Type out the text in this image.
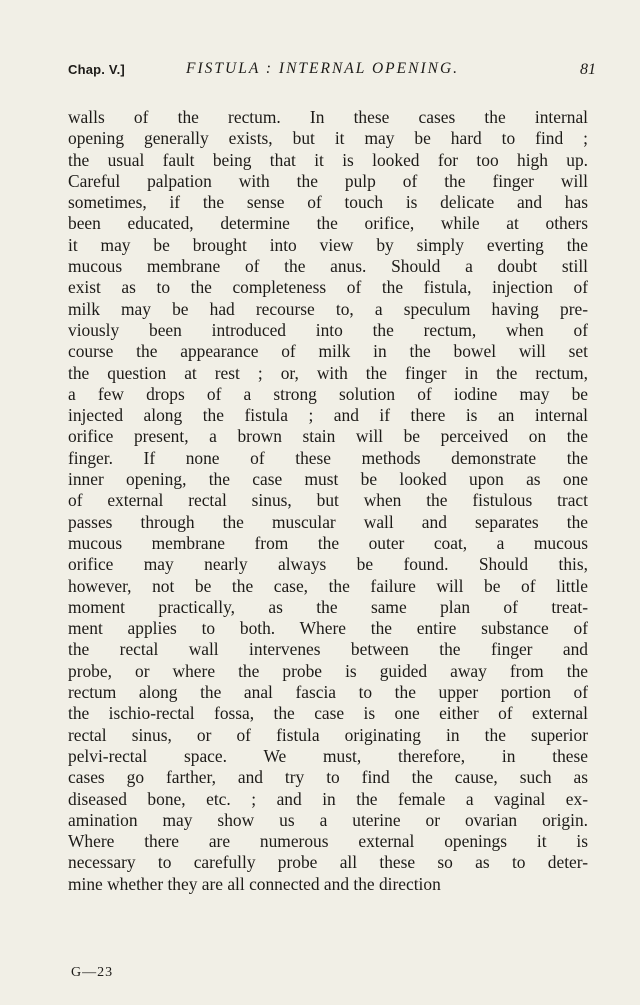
Chap. V.]	FISTULA : INTERNAL OPENING.	81
walls of the rectum. In these cases the internal
opening generally exists, but it may be hard to find ;
the usual fault being that it is looked for too high up.
Careful palpation with the pulp of the finger will
sometimes, if the sense of touch is delicate and has
been educated, determine the orifice, while at others
it may be brought into view by simply everting the
mucous membrane of the anus. Should a doubt still
exist as to the completeness of the fistula, injection of
milk may be had recourse to, a speculum having pre-
viously been introduced into the rectum, when of
course the appearance of milk in the bowel will set
the question at rest ; or, with the finger in the rectum,
a few drops of a strong solution of iodine may be
injected along the fistula ; and if there is an internal
orifice present, a brown stain will be perceived on the
finger. If none of these methods demonstrate the
inner opening, the case must be looked upon as one
of external rectal sinus, but when the fistulous tract
passes through the muscular wall and separates the
mucous membrane from the outer coat, a mucous
orifice may nearly always be found. Should this,
however, not be the case, the failure will be of little
moment practically, as the same plan of treat-
ment applies to both. Where the entire substance of
the rectal wall intervenes between the finger and
probe, or where the probe is guided away from the
rectum along the anal fascia to the upper portion of
the ischio-rectal fossa, the case is one either of external
rectal sinus, or of fistula originating in the superior
pelvi-rectal space. We must, therefore, in these
cases go farther, and try to find the cause, such as
diseased bone, etc. ; and in the female a vaginal ex-
amination may show us a uterine or ovarian origin.
Where there are numerous external openings it is
necessary to carefully probe all these so as to deter-
mine whether they are all connected and the direction
G—23
